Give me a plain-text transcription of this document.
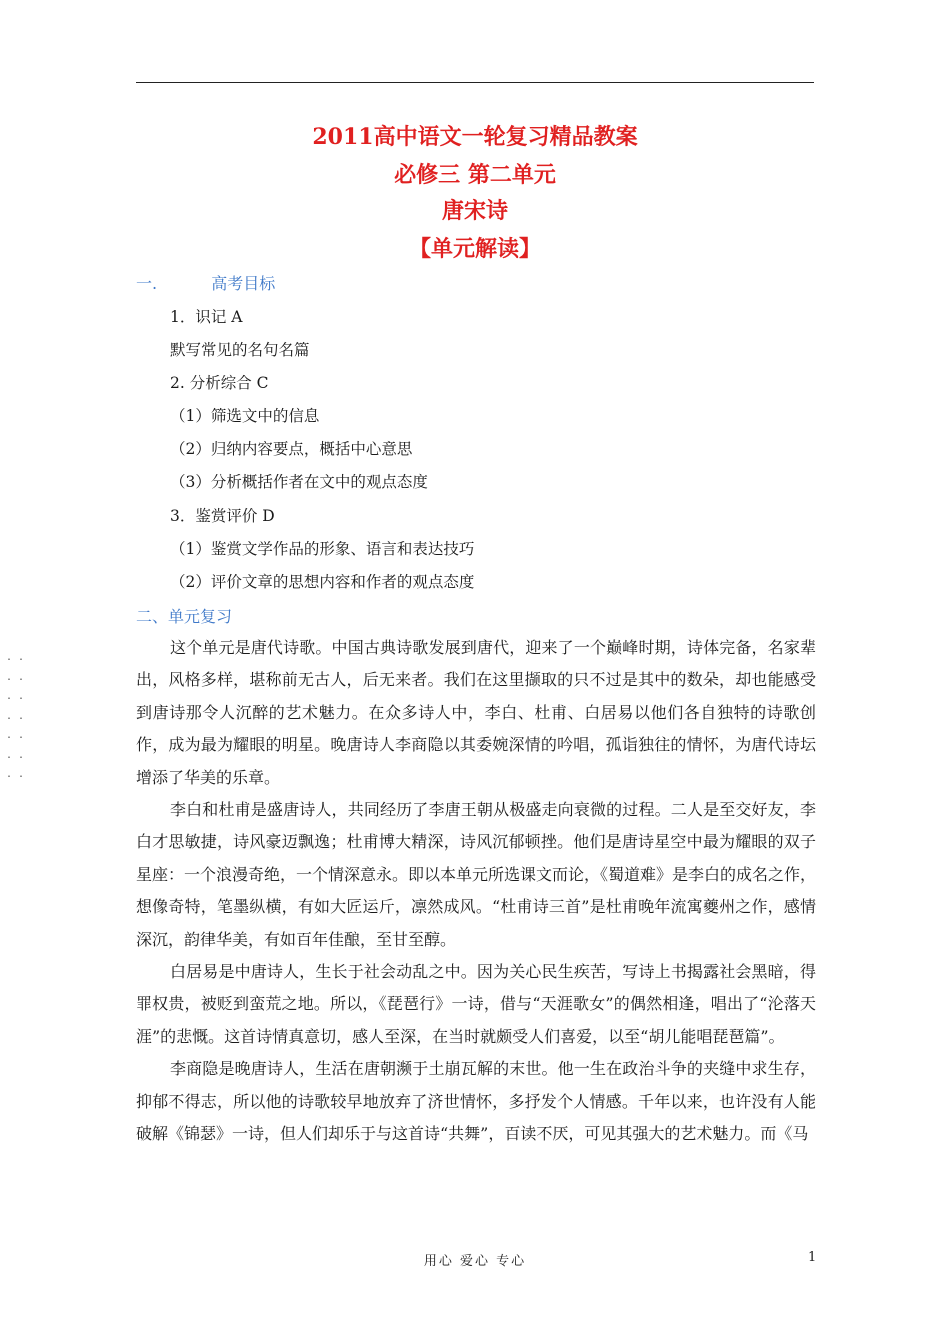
2011高中语文一轮复习精品教案
必修三 第二单元
唐宋诗
【单元解读】
一.	高考目标
1．识记 A
默写常见的名句名篇
2. 分析综合 C
（1）筛选文中的信息
（2）归纳内容要点，概括中心意思
（3）分析概括作者在文中的观点态度
3．鉴赏评价 D
（1）鉴赏文学作品的形象、语言和表达技巧
（2）评价文章的思想内容和作者的观点态度
二、单元复习
. .
. .
. .
. .
. .
. .
. .

这个单元是唐代诗歌。中国古典诗歌发展到唐代，迎来了一个巅峰时期，诗体完备，名家辈出，风格多样，堪称前无古人，后无来者。我们在这里撷取的只不过是其中的数朵，却也能感受到唐诗那令人沉醉的艺术魅力。在众多诗人中，李白、杜甫、白居易以他们各自独特的诗歌创作，成为最为耀眼的明星。晚唐诗人李商隐以其委婉深情的吟唱，孤诣独往的情怀，为唐代诗坛增添了华美的乐章。

李白和杜甫是盛唐诗人，共同经历了李唐王朝从极盛走向衰微的过程。二人是至交好友，李白才思敏捷，诗风豪迈飘逸；杜甫博大精深，诗风沉郁顿挫。他们是唐诗星空中最为耀眼的双子星座：一个浪漫奇绝，一个情深意永。即以本单元所选课文而论，《蜀道难》是李白的成名之作，想像奇特，笔墨纵横，有如大匠运斤，凛然成风。“杜甫诗三首”是杜甫晚年流寓夔州之作，感情深沉，韵律华美，有如百年佳酿，至甘至醇。

白居易是中唐诗人，生长于社会动乱之中。因为关心民生疾苦，写诗上书揭露社会黑暗，得罪权贵，被贬到蛮荒之地。所以，《琵琶行》一诗，借与“天涯歌女”的偶然相逢，唱出了“沦落天涯”的悲慨。这首诗情真意切，感人至深，在当时就颇受人们喜爱，以至“胡儿能唱琵琶篇”。

李商隐是晚唐诗人，生活在唐朝濒于土崩瓦解的末世。他一生在政治斗争的夹缝中求生存，抑郁不得志，所以他的诗歌较早地放弃了济世情怀，多抒发个人情感。千年以来，也许没有人能破解《锦瑟》一诗，但人们却乐于与这首诗“共舞”，百读不厌，可见其强大的艺术魅力。而《马

用心 爱心 专心	1
